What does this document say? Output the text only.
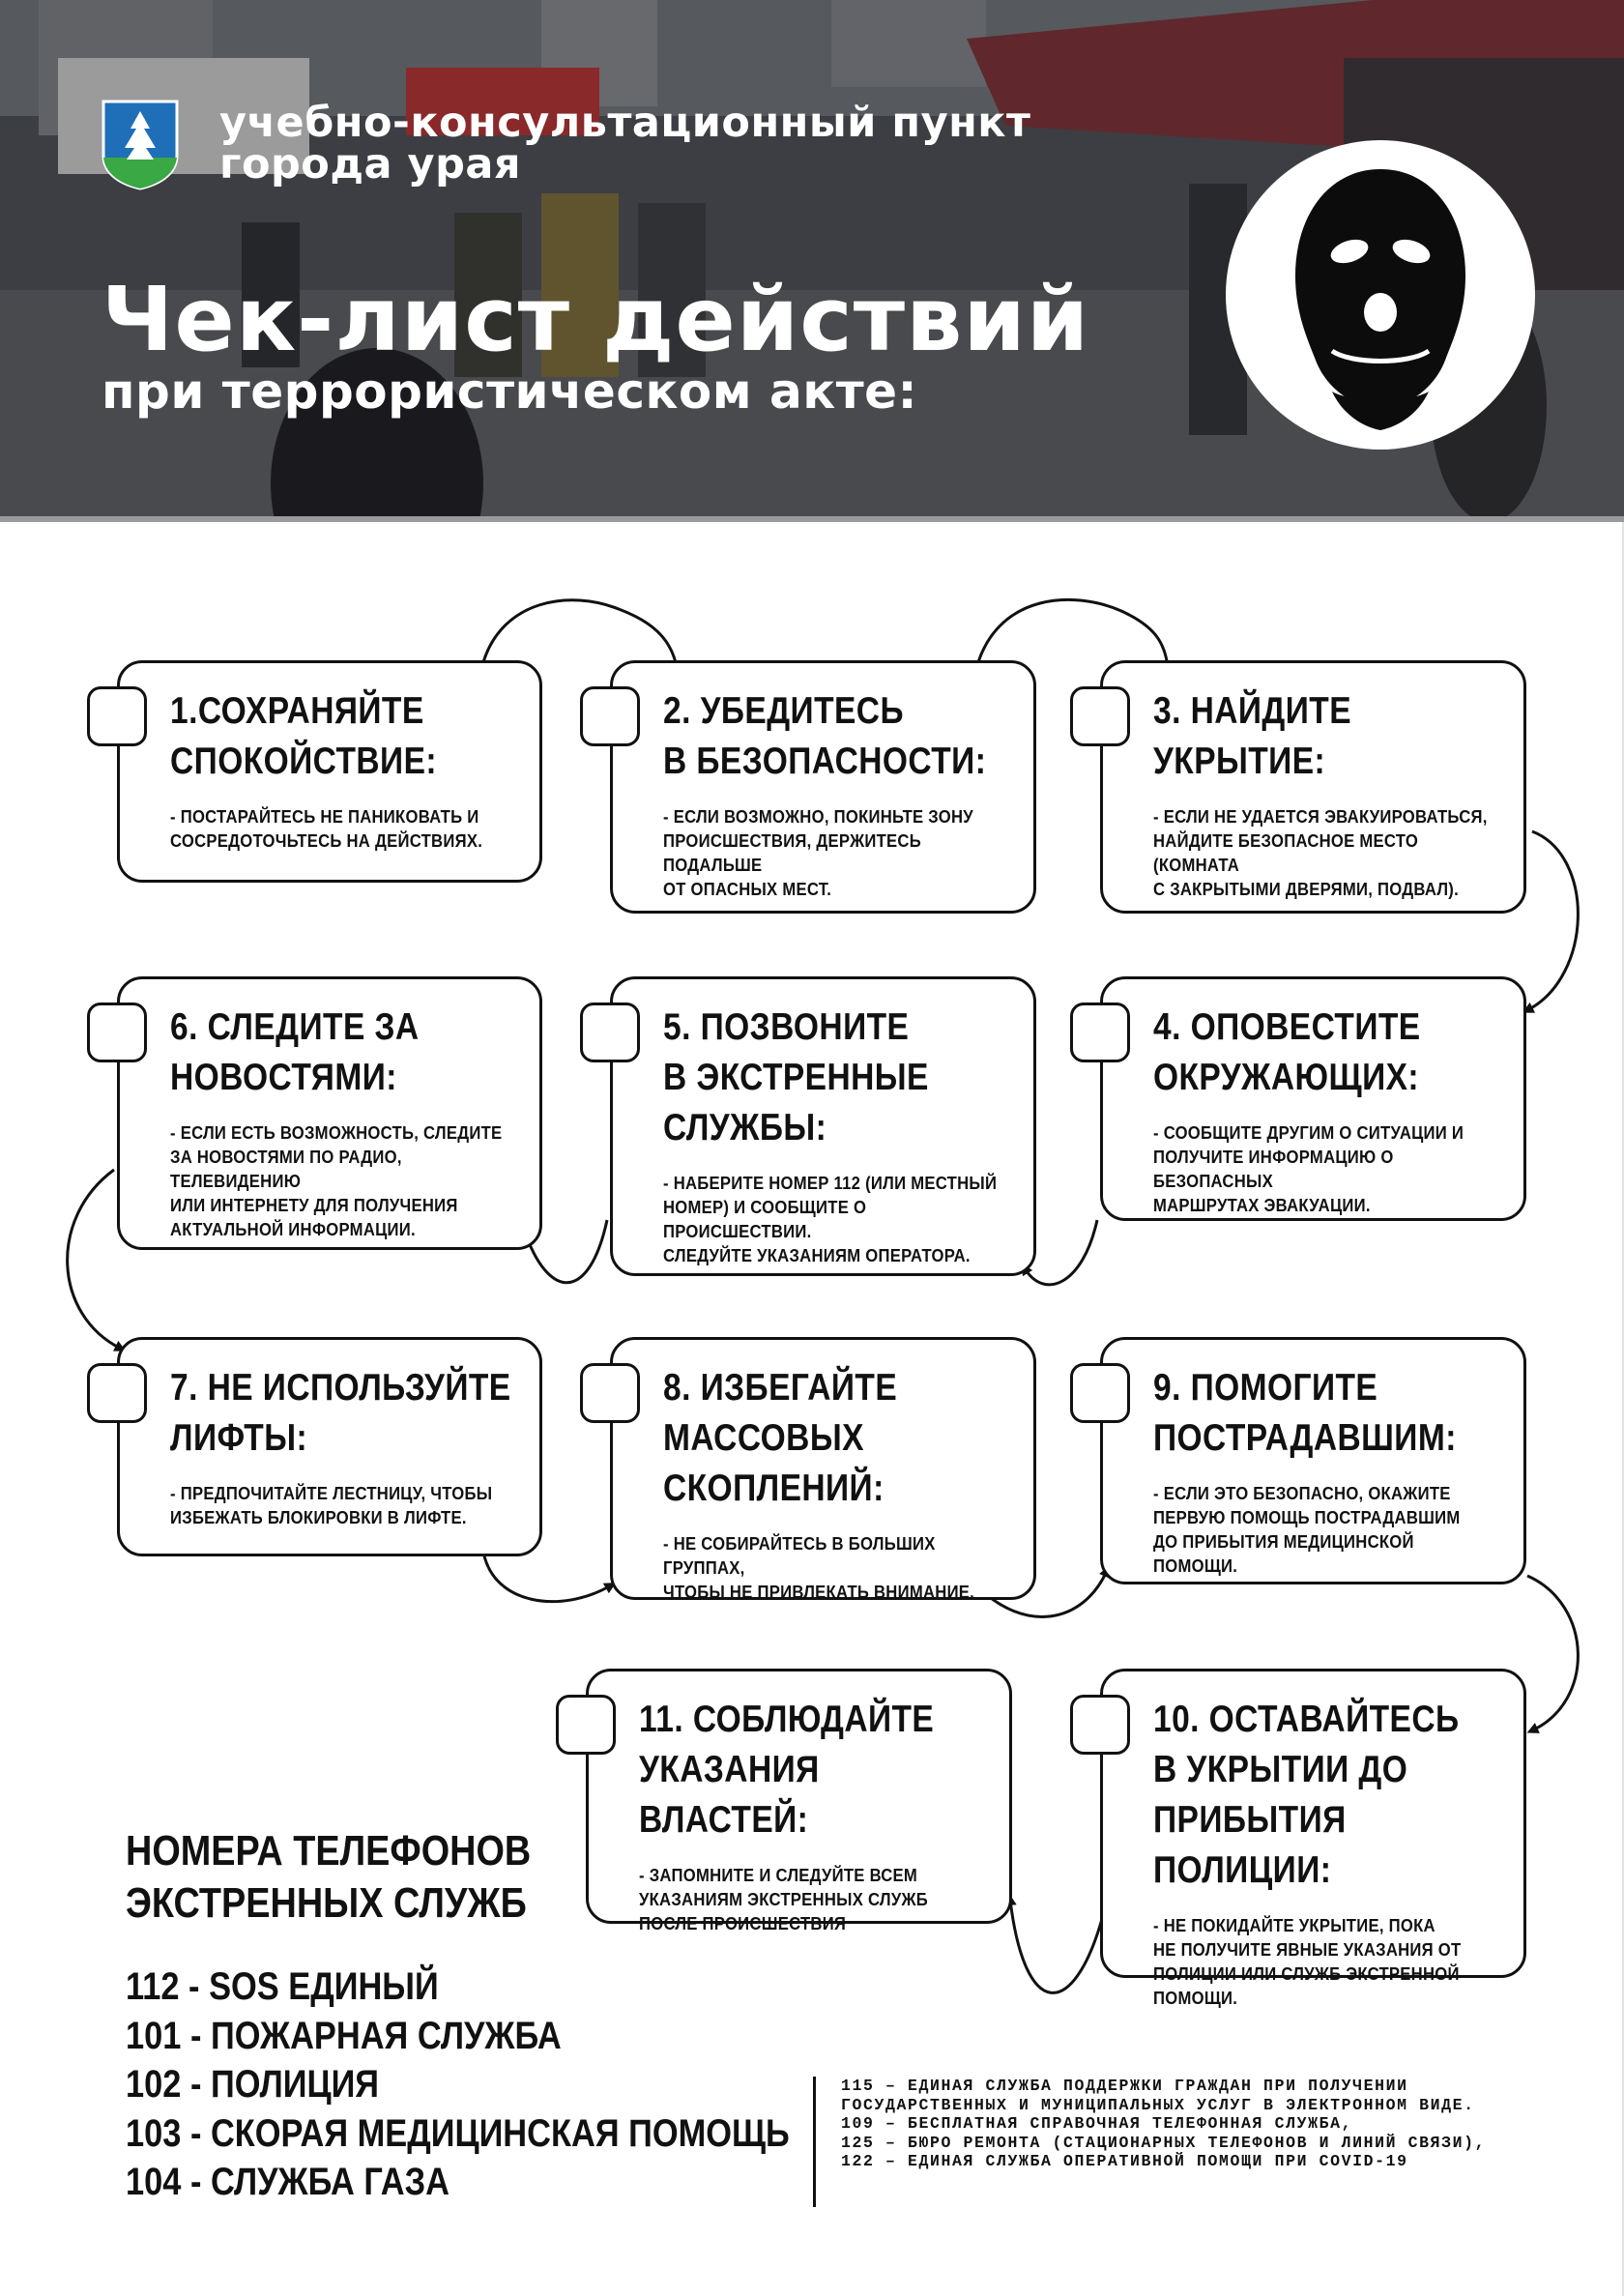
учебно-консультационный пункт
города урая
Чек-лист действий
при террористическом акте:
1.СОХРАНЯЙТЕ
СПОКОЙСТВИЕ:
- ПОСТАРАЙТЕСЬ НЕ ПАНИКОВАТЬ И
СОСРЕДОТОЧЬТЕСЬ НА ДЕЙСТВИЯХ.
2. УБЕДИТЕСЬ
В БЕЗОПАСНОСТИ:
- ЕСЛИ ВОЗМОЖНО, ПОКИНЬТЕ ЗОНУ
ПРОИСШЕСТВИЯ, ДЕРЖИТЕСЬ ПОДАЛЬШЕ
ОТ ОПАСНЫХ МЕСТ.
3. НАЙДИТЕ
УКРЫТИЕ:
- ЕСЛИ НЕ УДАЕТСЯ ЭВАКУИРОВАТЬСЯ,
НАЙДИТЕ БЕЗОПАСНОЕ МЕСТО (КОМНАТА
С ЗАКРЫТЫМИ ДВЕРЯМИ, ПОДВАЛ).
4. ОПОВЕСТИТЕ
ОКРУЖАЮЩИХ:
- СООБЩИТЕ ДРУГИМ О СИТУАЦИИ И
ПОЛУЧИТЕ ИНФОРМАЦИЮ О БЕЗОПАСНЫХ
МАРШРУТАХ ЭВАКУАЦИИ.
5. ПОЗВОНИТЕ
В ЭКСТРЕННЫЕ
СЛУЖБЫ:
- НАБЕРИТЕ НОМЕР 112 (ИЛИ МЕСТНЫЙ
НОМЕР) И СООБЩИТЕ О ПРОИСШЕСТВИИ.
СЛЕДУЙТЕ УКАЗАНИЯМ ОПЕРАТОРА.
6. СЛЕДИТЕ ЗА
НОВОСТЯМИ:
- ЕСЛИ ЕСТЬ ВОЗМОЖНОСТЬ, СЛЕДИТЕ
ЗА НОВОСТЯМИ ПО РАДИО, ТЕЛЕВИДЕНИЮ
ИЛИ ИНТЕРНЕТУ ДЛЯ ПОЛУЧЕНИЯ
АКТУАЛЬНОЙ ИНФОРМАЦИИ.
7. НЕ ИСПОЛЬЗУЙТЕ
ЛИФТЫ:
- ПРЕДПОЧИТАЙТЕ ЛЕСТНИЦУ, ЧТОБЫ
ИЗБЕЖАТЬ БЛОКИРОВКИ В ЛИФТЕ.
8. ИЗБЕГАЙТЕ
МАССОВЫХ
СКОПЛЕНИЙ:
- НЕ СОБИРАЙТЕСЬ В БОЛЬШИХ ГРУППАХ,
ЧТОБЫ НЕ ПРИВЛЕКАТЬ ВНИМАНИЕ.
9. ПОМОГИТЕ
ПОСТРАДАВШИМ:
- ЕСЛИ ЭТО БЕЗОПАСНО, ОКАЖИТЕ
ПЕРВУЮ ПОМОЩЬ ПОСТРАДАВШИМ
ДО ПРИБЫТИЯ МЕДИЦИНСКОЙ ПОМОЩИ.
10. ОСТАВАЙТЕСЬ
В УКРЫТИИ ДО
ПРИБЫТИЯ ПОЛИЦИИ:
- НЕ ПОКИДАЙТЕ УКРЫТИЕ, ПОКА
НЕ ПОЛУЧИТЕ ЯВНЫЕ УКАЗАНИЯ ОТ
ПОЛИЦИИ ИЛИ СЛУЖБ ЭКСТРЕННОЙ
ПОМОЩИ.
11. СОБЛЮДАЙТЕ
УКАЗАНИЯ ВЛАСТЕЙ:
- ЗАПОМНИТЕ И СЛЕДУЙТЕ ВСЕМ
УКАЗАНИЯМ ЭКСТРЕННЫХ СЛУЖБ
ПОСЛЕ ПРОИСШЕСТВИЯ
НОМЕРА ТЕЛЕФОНОВ
ЭКСТРЕННЫХ СЛУЖБ
112 - SOS ЕДИНЫЙ
101 - ПОЖАРНАЯ СЛУЖБА
102 - ПОЛИЦИЯ
103 - СКОРАЯ МЕДИЦИНСКАЯ ПОМОЩЬ
104 - СЛУЖБА ГАЗА

115 – ЕДИНАЯ СЛУЖБА ПОДДЕРЖКИ ГРАЖДАН ПРИ ПОЛУЧЕНИИ

ГОСУДАРСТВЕННЫХ И МУНИЦИПАЛЬНЫХ УСЛУГ В ЭЛЕКТРОННОМ ВИДЕ.

109 – БЕСПЛАТНАЯ СПРАВОЧНАЯ ТЕЛЕФОННАЯ СЛУЖБА,

125 – БЮРО РЕМОНТА (СТАЦИОНАРНЫХ ТЕЛЕФОНОВ И ЛИНИЙ СВЯЗИ),

122 – ЕДИНАЯ СЛУЖБА ОПЕРАТИВНОЙ ПОМОЩИ ПРИ COVID-19
